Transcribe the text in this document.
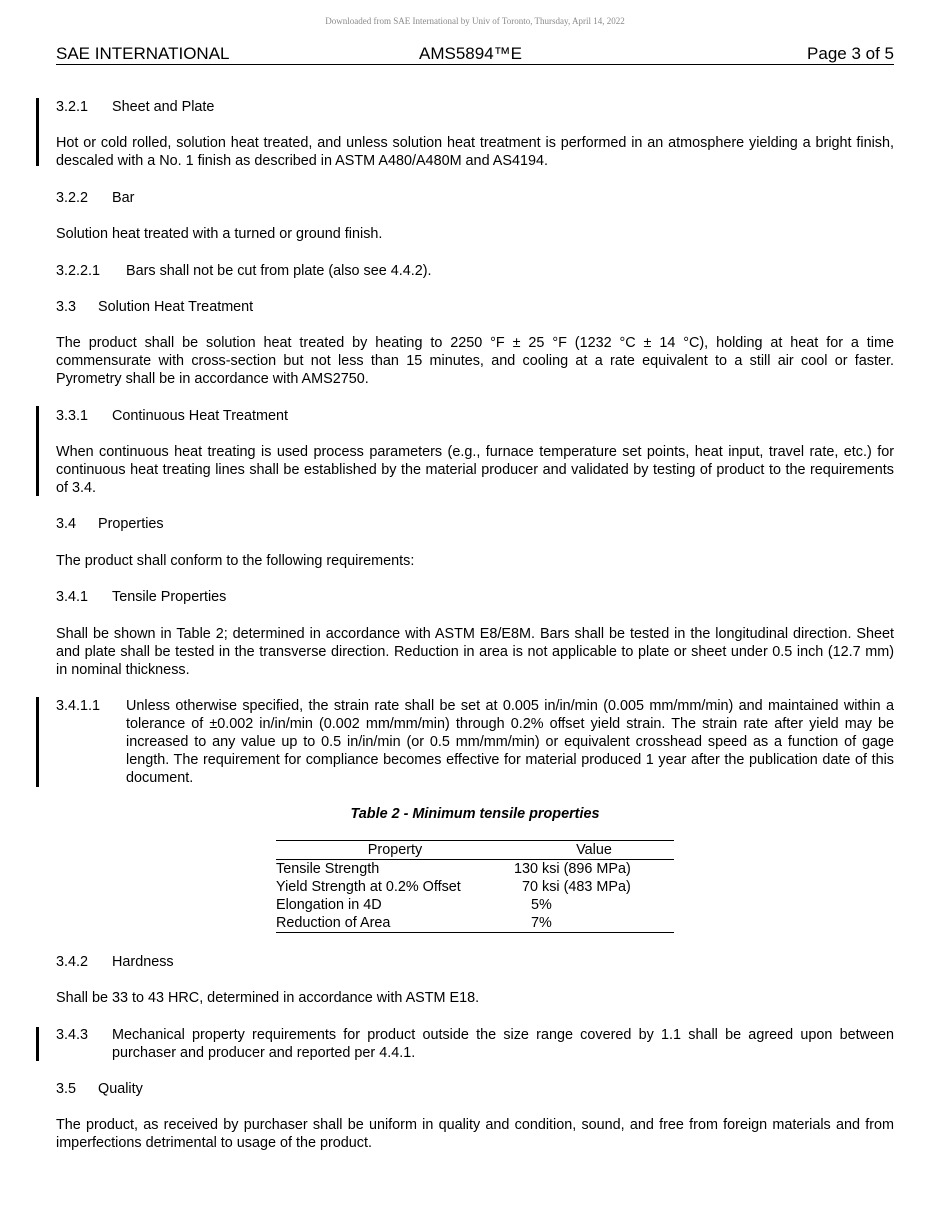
Downloaded from SAE International by Univ of Toronto, Thursday, April 14, 2022
SAE INTERNATIONAL	AMS5894™E	Page 3 of 5
3.2.1 Sheet and Plate
Hot or cold rolled, solution heat treated, and unless solution heat treatment is performed in an atmosphere yielding a bright finish, descaled with a No. 1 finish as described in ASTM A480/A480M and AS4194.
3.2.2 Bar
Solution heat treated with a turned or ground finish.
3.2.2.1 Bars shall not be cut from plate (also see 4.4.2).
3.3 Solution Heat Treatment
The product shall be solution heat treated by heating to 2250 °F ± 25 °F (1232 °C ± 14 °C), holding at heat for a time commensurate with cross-section but not less than 15 minutes, and cooling at a rate equivalent to a still air cool or faster. Pyrometry shall be in accordance with AMS2750.
3.3.1 Continuous Heat Treatment
When continuous heat treating is used process parameters (e.g., furnace temperature set points, heat input, travel rate, etc.) for continuous heat treating lines shall be established by the material producer and validated by testing of product to the requirements of 3.4.
3.4 Properties
The product shall conform to the following requirements:
3.4.1 Tensile Properties
Shall be shown in Table 2; determined in accordance with ASTM E8/E8M. Bars shall be tested in the longitudinal direction. Sheet and plate shall be tested in the transverse direction. Reduction in area is not applicable to plate or sheet under 0.5 inch (12.7 mm) in nominal thickness.
3.4.1.1 Unless otherwise specified, the strain rate shall be set at 0.005 in/in/min (0.005 mm/mm/min) and maintained within a tolerance of ±0.002 in/in/min (0.002 mm/mm/min) through 0.2% offset yield strain. The strain rate after yield may be increased to any value up to 0.5 in/in/min (or 0.5 mm/mm/min) or equivalent crosshead speed as a function of gage length. The requirement for compliance becomes effective for material produced 1 year after the publication date of this document.
Table 2 - Minimum tensile properties
Property	Value
Tensile Strength	130 ksi (896 MPa)
Yield Strength at 0.2% Offset	70 ksi (483 MPa)
Elongation in 4D	5%
Reduction of Area	7%
3.4.2 Hardness
Shall be 33 to 43 HRC, determined in accordance with ASTM E18.
3.4.3 Mechanical property requirements for product outside the size range covered by 1.1 shall be agreed upon between purchaser and producer and reported per 4.4.1.
3.5 Quality
The product, as received by purchaser shall be uniform in quality and condition, sound, and free from foreign materials and from imperfections detrimental to usage of the product.
